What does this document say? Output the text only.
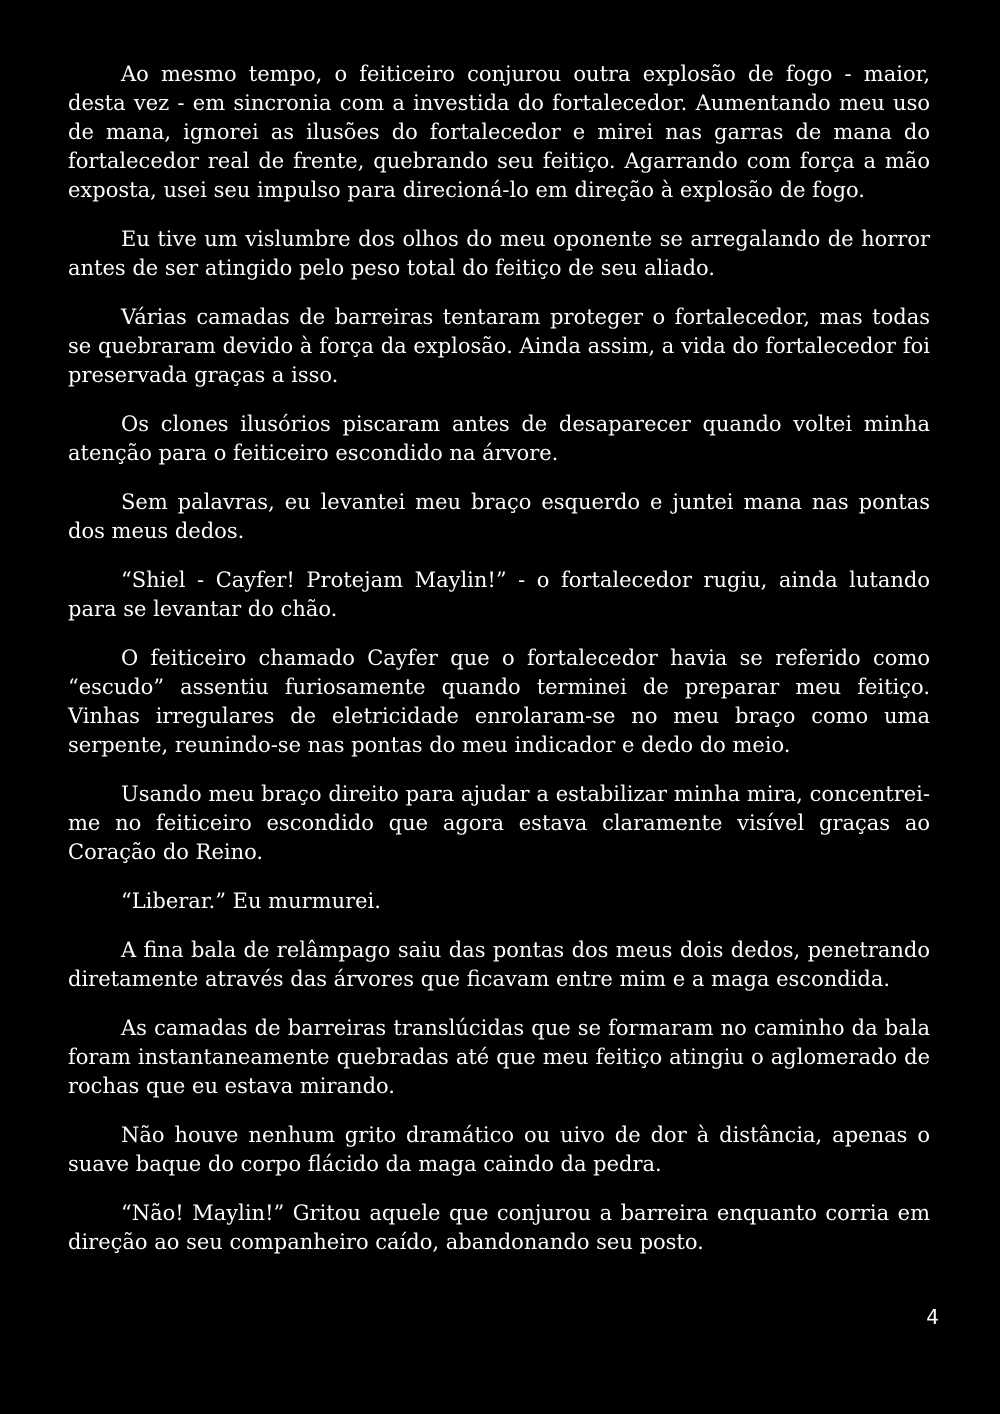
Ao mesmo tempo, o feiticeiro conjurou outra explosão de fogo - maior, desta vez - em sincronia com a investida do fortalecedor. Aumentando meu uso de mana, ignorei as ilusões do fortalecedor e mirei nas garras de mana do fortalecedor real de frente, quebrando seu feitiço. Agarrando com força a mão exposta, usei seu impulso para direcioná-lo em direção à explosão de fogo.

Eu tive um vislumbre dos olhos do meu oponente se arregalando de horror antes de ser atingido pelo peso total do feitiço de seu aliado.

Várias camadas de barreiras tentaram proteger o fortalecedor, mas todas se quebraram devido à força da explosão. Ainda assim, a vida do fortalecedor foi preservada graças a isso.

Os clones ilusórios piscaram antes de desaparecer quando voltei minha atenção para o feiticeiro escondido na árvore.

Sem palavras, eu levantei meu braço esquerdo e juntei mana nas pontas dos meus dedos.

“Shiel - Cayfer! Protejam Maylin!” - o fortalecedor rugiu, ainda lutando para se levantar do chão.

O feiticeiro chamado Cayfer que o fortalecedor havia se referido como “escudo” assentiu furiosamente quando terminei de preparar meu feitiço. Vinhas irregulares de eletricidade enrolaram-se no meu braço como uma serpente, reunindo-se nas pontas do meu indicador e dedo do meio.

Usando meu braço direito para ajudar a estabilizar minha mira, concentrei-me no feiticeiro escondido que agora estava claramente visível graças ao Coração do Reino.

“Liberar.” Eu murmurei.

A fina bala de relâmpago saiu das pontas dos meus dois dedos, penetrando diretamente através das árvores que ficavam entre mim e a maga escondida.

As camadas de barreiras translúcidas que se formaram no caminho da bala foram instantaneamente quebradas até que meu feitiço atingiu o aglomerado de rochas que eu estava mirando.

Não houve nenhum grito dramático ou uivo de dor à distância, apenas o suave baque do corpo flácido da maga caindo da pedra.

“Não! Maylin!” Gritou aquele que conjurou a barreira enquanto corria em direção ao seu companheiro caído, abandonando seu posto.

4
